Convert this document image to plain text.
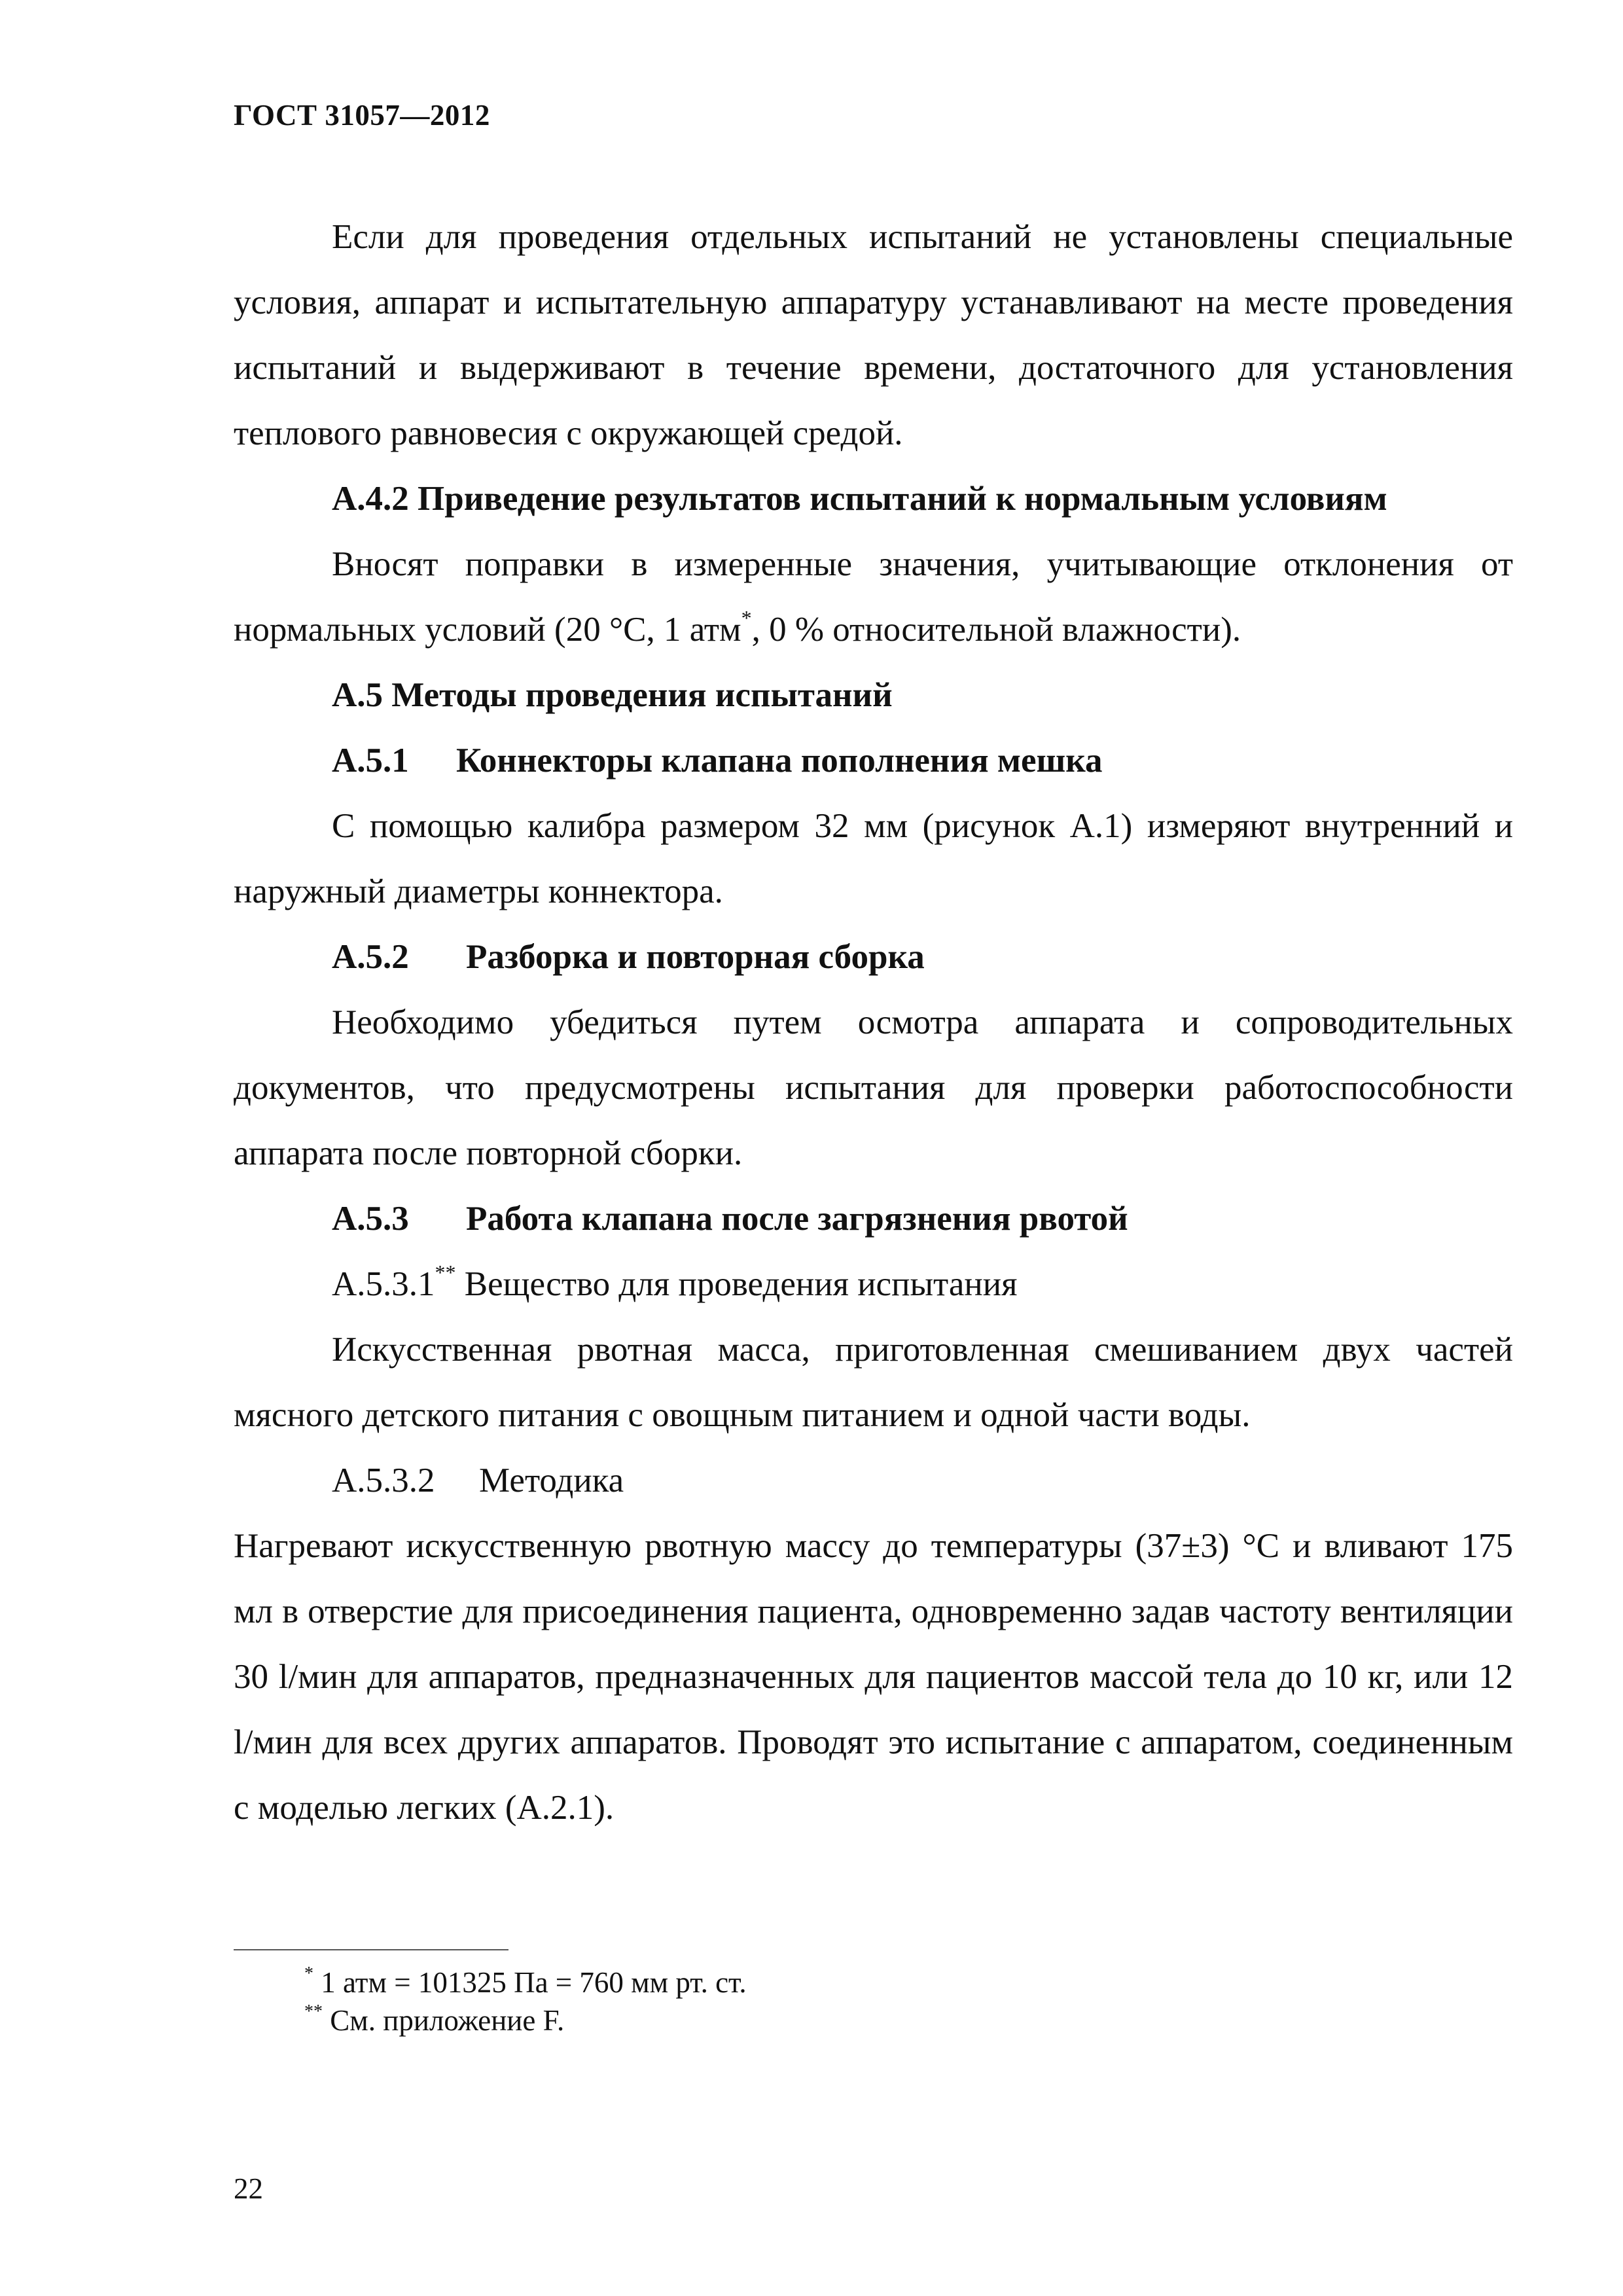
ГОСТ 31057—2012

Если для проведения отдельных испытаний не установлены специальные условия, аппарат и испытательную аппаратуру устанавливают на месте проведения испытаний и выдерживают в течение времени, достаточного для установления теплового равновесия с окружающей средой.

А.4.2 Приведение результатов испытаний к нормальным условиям

Вносят поправки в измеренные значения, учитывающие отклонения от нормальных условий (20 °С, 1 атм*, 0 % относительной влажности).

А.5 Методы проведения испытаний

А.5.1 Коннекторы клапана пополнения мешка

С помощью калибра размером 32 мм (рисунок А.1) измеряют внутренний и наружный диаметры коннектора.

А.5.2 Разборка и повторная сборка

Необходимо убедиться путем осмотра аппарата и сопроводительных документов, что предусмотрены испытания для проверки работоспособности аппарата после повторной сборки.

А.5.3 Работа клапана после загрязнения рвотой

А.5.3.1** Вещество для проведения испытания

Искусственная рвотная масса, приготовленная смешиванием двух частей мясного детского питания с овощным питанием и одной части воды.

А.5.3.2 Методика

Нагревают искусственную рвотную массу до температуры (37±3) °С и вливают 175 мл в отверстие для присоединения пациента, одновременно задав частоту вентиляции 30 l/мин для аппаратов, предназначенных для пациентов массой тела до 10 кг, или 12 l/мин для всех других аппаратов. Проводят это испытание с аппаратом, соединенным с моделью легких (А.2.1).

* 1 атм = 101325 Па = 760 мм рт. ст.
** См. приложение F.
22
